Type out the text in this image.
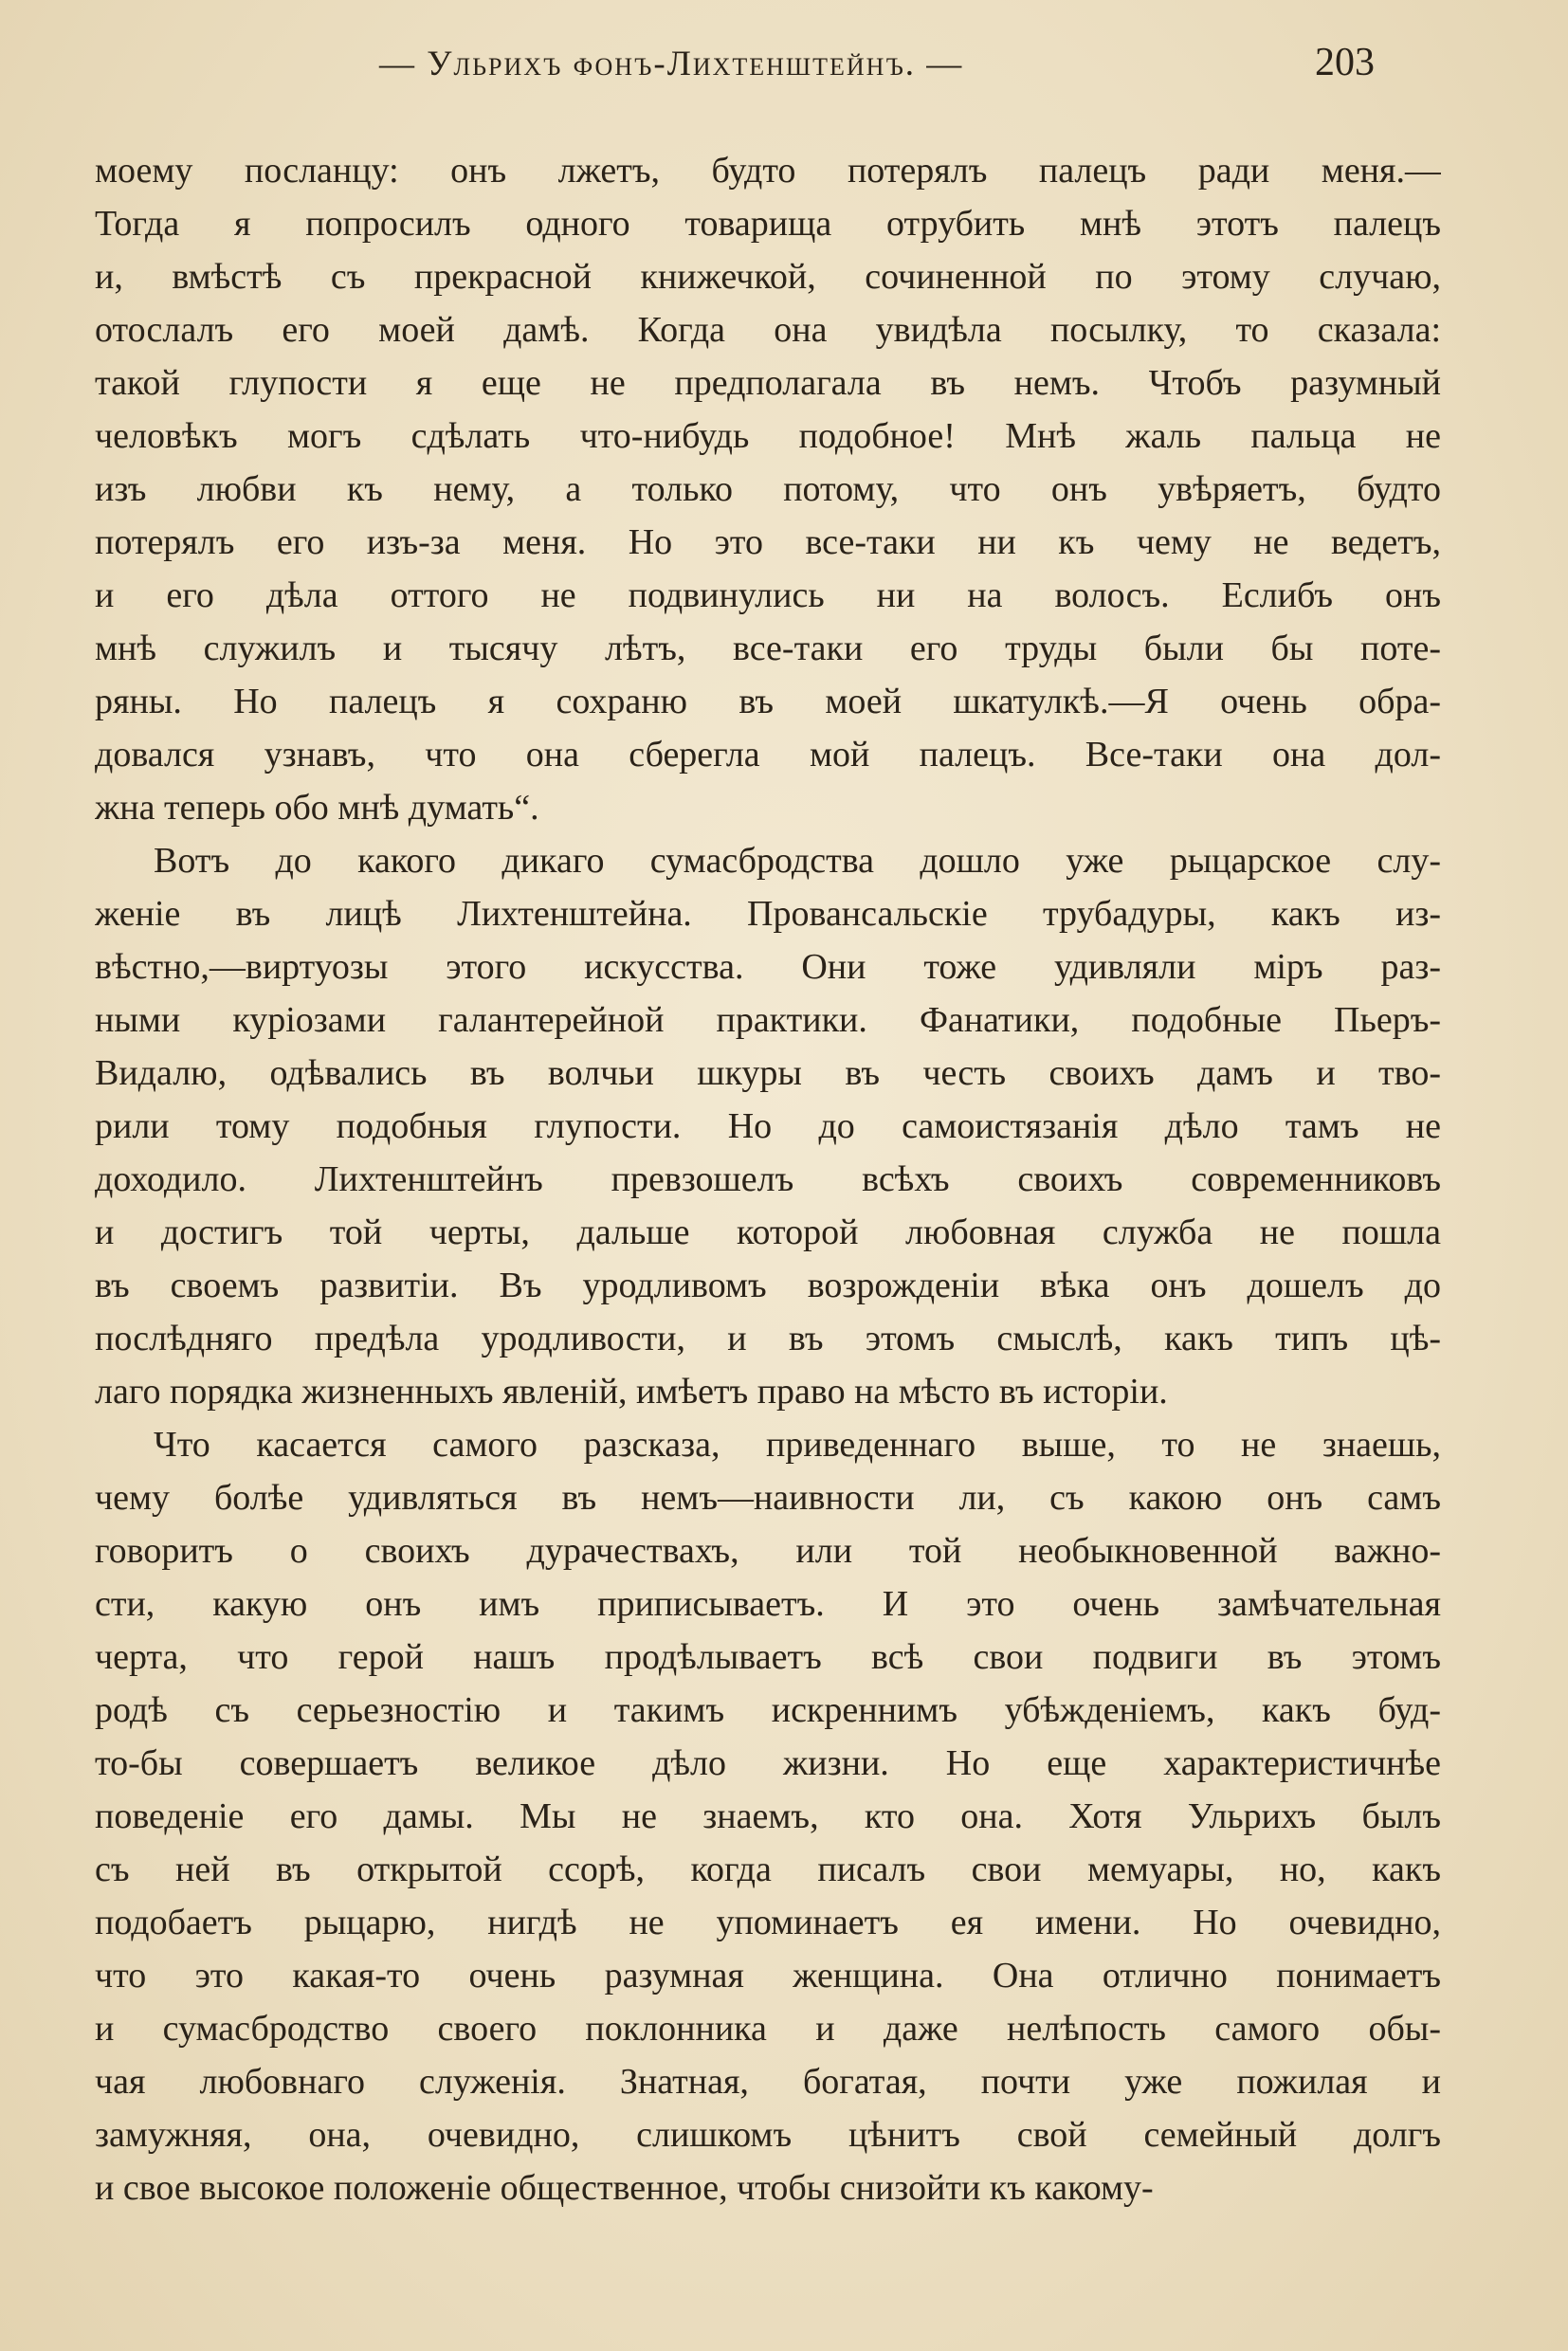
— Ульрихъ фонъ-Лихтенштейнъ. —	203
моему посланцу: онъ лжетъ, будто потерялъ палецъ ради меня.—
Тогда я попросилъ одного товарища отрубить мнѣ этотъ палецъ
и, вмѣстѣ съ прекрасной книжечкой, сочиненной по этому случаю,
отослалъ его моей дамѣ. Когда она увидѣла посылку, то сказала:
такой глупости я еще не предполагала въ немъ. Чтобъ разумный
человѣкъ могъ сдѣлать что-нибудь подобное! Мнѣ жаль пальца не
изъ любви къ нему, а только потому, что онъ увѣряетъ, будто
потерялъ его изъ-за меня. Но это все-таки ни къ чему не ведетъ,
и его дѣла оттого не подвинулись ни на волосъ. Еслибъ онъ
мнѣ служилъ и тысячу лѣтъ, все-таки его труды были бы поте-
ряны. Но палецъ я сохраню въ моей шкатулкѣ.—Я очень обра-
довался узнавъ, что она сберегла мой палецъ. Все-таки она дол-
жна теперь обо мнѣ думать“.
Вотъ до какого дикаго сумасбродства дошло уже рыцарское слу-
женіе въ лицѣ Лихтенштейна. Провансальскіе трубадуры, какъ из-
вѣстно,—виртуозы этого искусства. Они тоже удивляли міръ раз-
ными куріозами галантерейной практики. Фанатики, подобные Пьеръ-
Видалю, одѣвались въ волчьи шкуры въ честь своихъ дамъ и тво-
рили тому подобныя глупости. Но до самоистязанія дѣло тамъ не
доходило. Лихтенштейнъ превзошелъ всѣхъ своихъ современниковъ
и достигъ той черты, дальше которой любовная служба не пошла
въ своемъ развитіи. Въ уродливомъ возрожденіи вѣка онъ дошелъ до
послѣдняго предѣла уродливости, и въ этомъ смыслѣ, какъ типъ цѣ-
лаго порядка жизненныхъ явленій, имѣетъ право на мѣсто въ исторіи.
Что касается самого разсказа, приведеннаго выше, то не знаешь,
чему болѣе удивляться въ немъ—наивности ли, съ какою онъ самъ
говоритъ о своихъ дурачествахъ, или той необыкновенной важно-
сти, какую онъ имъ приписываетъ. И это очень замѣчательная
черта, что герой нашъ продѣлываетъ всѣ свои подвиги въ этомъ
родѣ съ серьезностію и такимъ искреннимъ убѣжденіемъ, какъ буд-
то-бы совершаетъ великое дѣло жизни. Но еще характеристичнѣе
поведеніе его дамы. Мы не знаемъ, кто она. Хотя Ульрихъ былъ
съ ней въ открытой ссорѣ, когда писалъ свои мемуары, но, какъ
подобаетъ рыцарю, нигдѣ не упоминаетъ ея имени. Но очевидно,
что это какая-то очень разумная женщина. Она отлично понимаетъ
и сумасбродство своего поклонника и даже нелѣпость самого обы-
чая любовнаго служенія. Знатная, богатая, почти уже пожилая и
замужняя, она, очевидно, слишкомъ цѣнитъ свой семейный долгъ
и свое высокое положеніе общественное, чтобы снизойти къ какому-
